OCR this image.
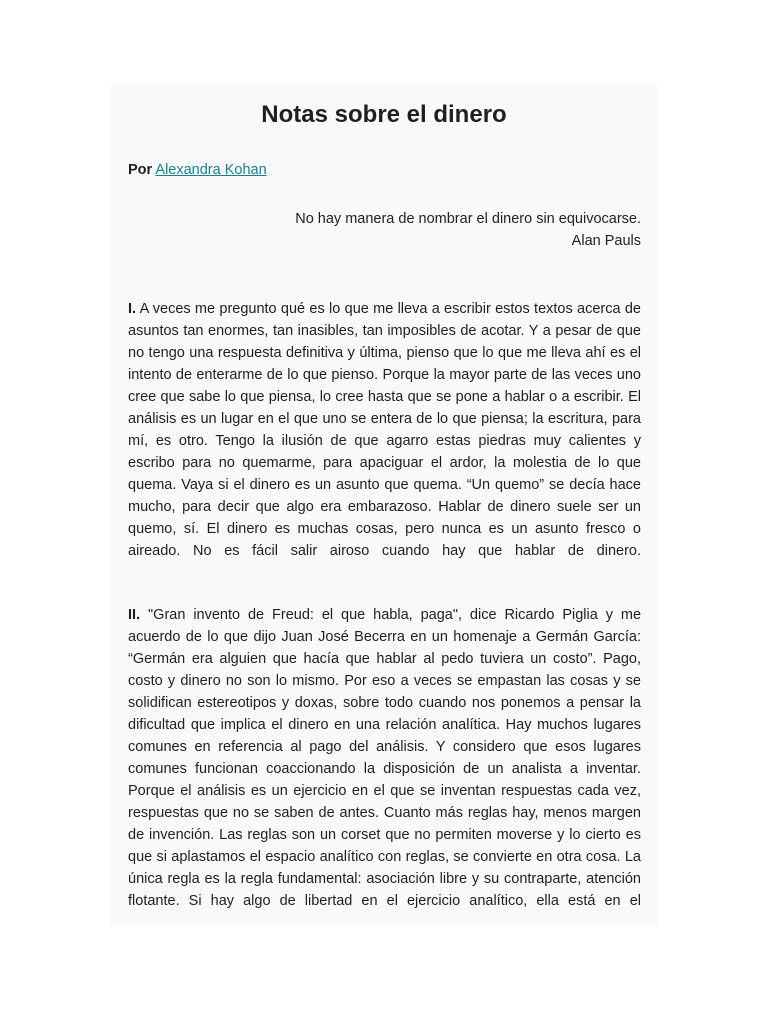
Notas sobre el dinero
Por Alexandra Kohan
No hay manera de nombrar el dinero sin equivocarse.
Alan Pauls

I. A veces me pregunto qué es lo que me lleva a escribir estos textos acerca de asuntos tan enormes, tan inasibles, tan imposibles de acotar. Y a pesar de que no tengo una respuesta definitiva y última, pienso que lo que me lleva ahí es el intento de enterarme de lo que pienso. Porque la mayor parte de las veces uno cree que sabe lo que piensa, lo cree hasta que se pone a hablar o a escribir. El análisis es un lugar en el que uno se entera de lo que piensa; la escritura, para mí, es otro. Tengo la ilusión de que agarro estas piedras muy calientes y escribo para no quemarme, para apaciguar el ardor, la molestia de lo que quema. Vaya si el dinero es un asunto que quema. “Un quemo” se decía hace mucho, para decir que algo era embarazoso. Hablar de dinero suele ser un quemo, sí. El dinero es muchas cosas, pero nunca es un asunto fresco o aireado. No es fácil salir airoso cuando hay que hablar de dinero.

II. "Gran invento de Freud: el que habla, paga", dice Ricardo Piglia y me acuerdo de lo que dijo Juan José Becerra en un homenaje a Germán García: “Germán era alguien que hacía que hablar al pedo tuviera un costo”. Pago, costo y dinero no son lo mismo. Por eso a veces se empastan las cosas y se solidifican estereotipos y doxas, sobre todo cuando nos ponemos a pensar la dificultad que implica el dinero en una relación analítica. Hay muchos lugares comunes en referencia al pago del análisis. Y considero que esos lugares comunes funcionan coaccionando la disposición de un analista a inventar. Porque el análisis es un ejercicio en el que se inventan respuestas cada vez, respuestas que no se saben de antes. Cuanto más reglas hay, menos margen de invención. Las reglas son un corset que no permiten moverse y lo cierto es que si aplastamos el espacio analítico con reglas, se convierte en otra cosa. La única regla es la regla fundamental: asociación libre y su contraparte, atención flotante. Si hay algo de libertad en el ejercicio analítico, ella está en el
